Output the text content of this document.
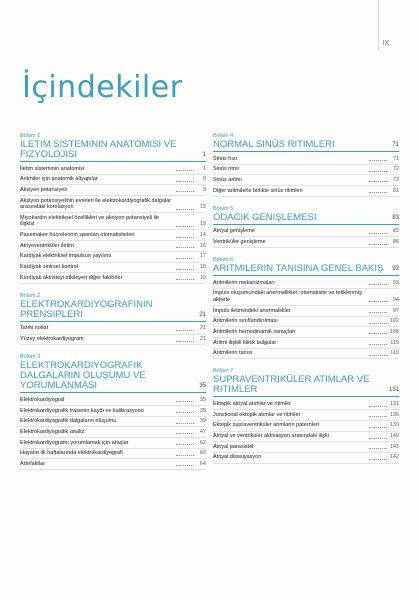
IX
İçindekiler
Bölüm 1
İLETIM SISTEMININ ANATOMISI VE FIZYOLOJISI	1
İletim sisteminin anatomisi	1
Aritmiler için anatomik altyapılar	8
Aksiyon potansiyeli	9
Aksiyon potansiyelinin evreleri ile elektrokardiyografik dalgalar arasındaki korelasyon	12
Miyokardın elektriksel özellikleri ve aksiyon potansiyeli ile ilişkisi	13
Pacemaker hücrelerinin spontan otomatisiteleri	14
Atriyoventriküler iletim	16
Kardiyak elektriksel impulsun yayılımı	17
Kardiyak sinirsel kontrol	18
Kardiyak aktiviteyi etkileyen diğer faktörler	19
Bölüm 2
ELEKTROKARDIYOGRAFININ PRENSIPLERI	21
Tarihi notlar	21
Yüzey elektrokardiyogram	21
Bölüm 3
ELEKTROKARDIYOGRAFIK DALGALARIN OLUŞUMU VE YORUMLANMASI	35
Elektrokardiyograf	35
Elektrokardiyografik trasenin kaydı ve kalibrasyonu	35
Elektrokardiyografik dalgaların oluşumu	39
Elektrokardiyografik analiz	47
Elektrokardiyogramı yorumlamak için araçlar	62
Hayatın ilk haftalarında elektrokardiyografi	63
Artefaktlar	64
Bölüm 4
NORMAL SINÜS RITIMLERI	71
Sinüs hızı	71
Sinüs ritmi	72
Sinüs aritmi	72
Diğer aritmilerle birlikte sinüs ritimleri	81
Bölüm 5
ODACIK GENIŞLEMESI	83
Atriyal genişleme	83
Ventriküler genişleme	86
Bölüm 6
ARITMILERIN TANISINA GENEL BAKIŞ	93
Aritmilerin mekanizmaları	93
İmpuls oluşumundaki anormallikler: otomatisite ve tetiklenmiş aktivite	94
İmpuls iletimindeki anormallikler	97
Aritmilerin sınıflandırılması	102
Aritmilerin hemodinamik sonuçları	105
Aritmi ilişkili klinik bulgular	119
Aritmilerin tanısı	119
Bölüm 7
SUPRAVENTRIKÜLER ATIMLAR VE RITIMLER	131
Ektopik atriyal atımlar ve ritimler	131
Junctional ektopik atımlar ve ritimler	135
Ektopik supraventriküler atımların paternleri	139
Atriyal ve ventriküler aktivasyon arasındaki ilişki	140
Atriyal parasistol	141
Atriyal disosiyasyon	142
